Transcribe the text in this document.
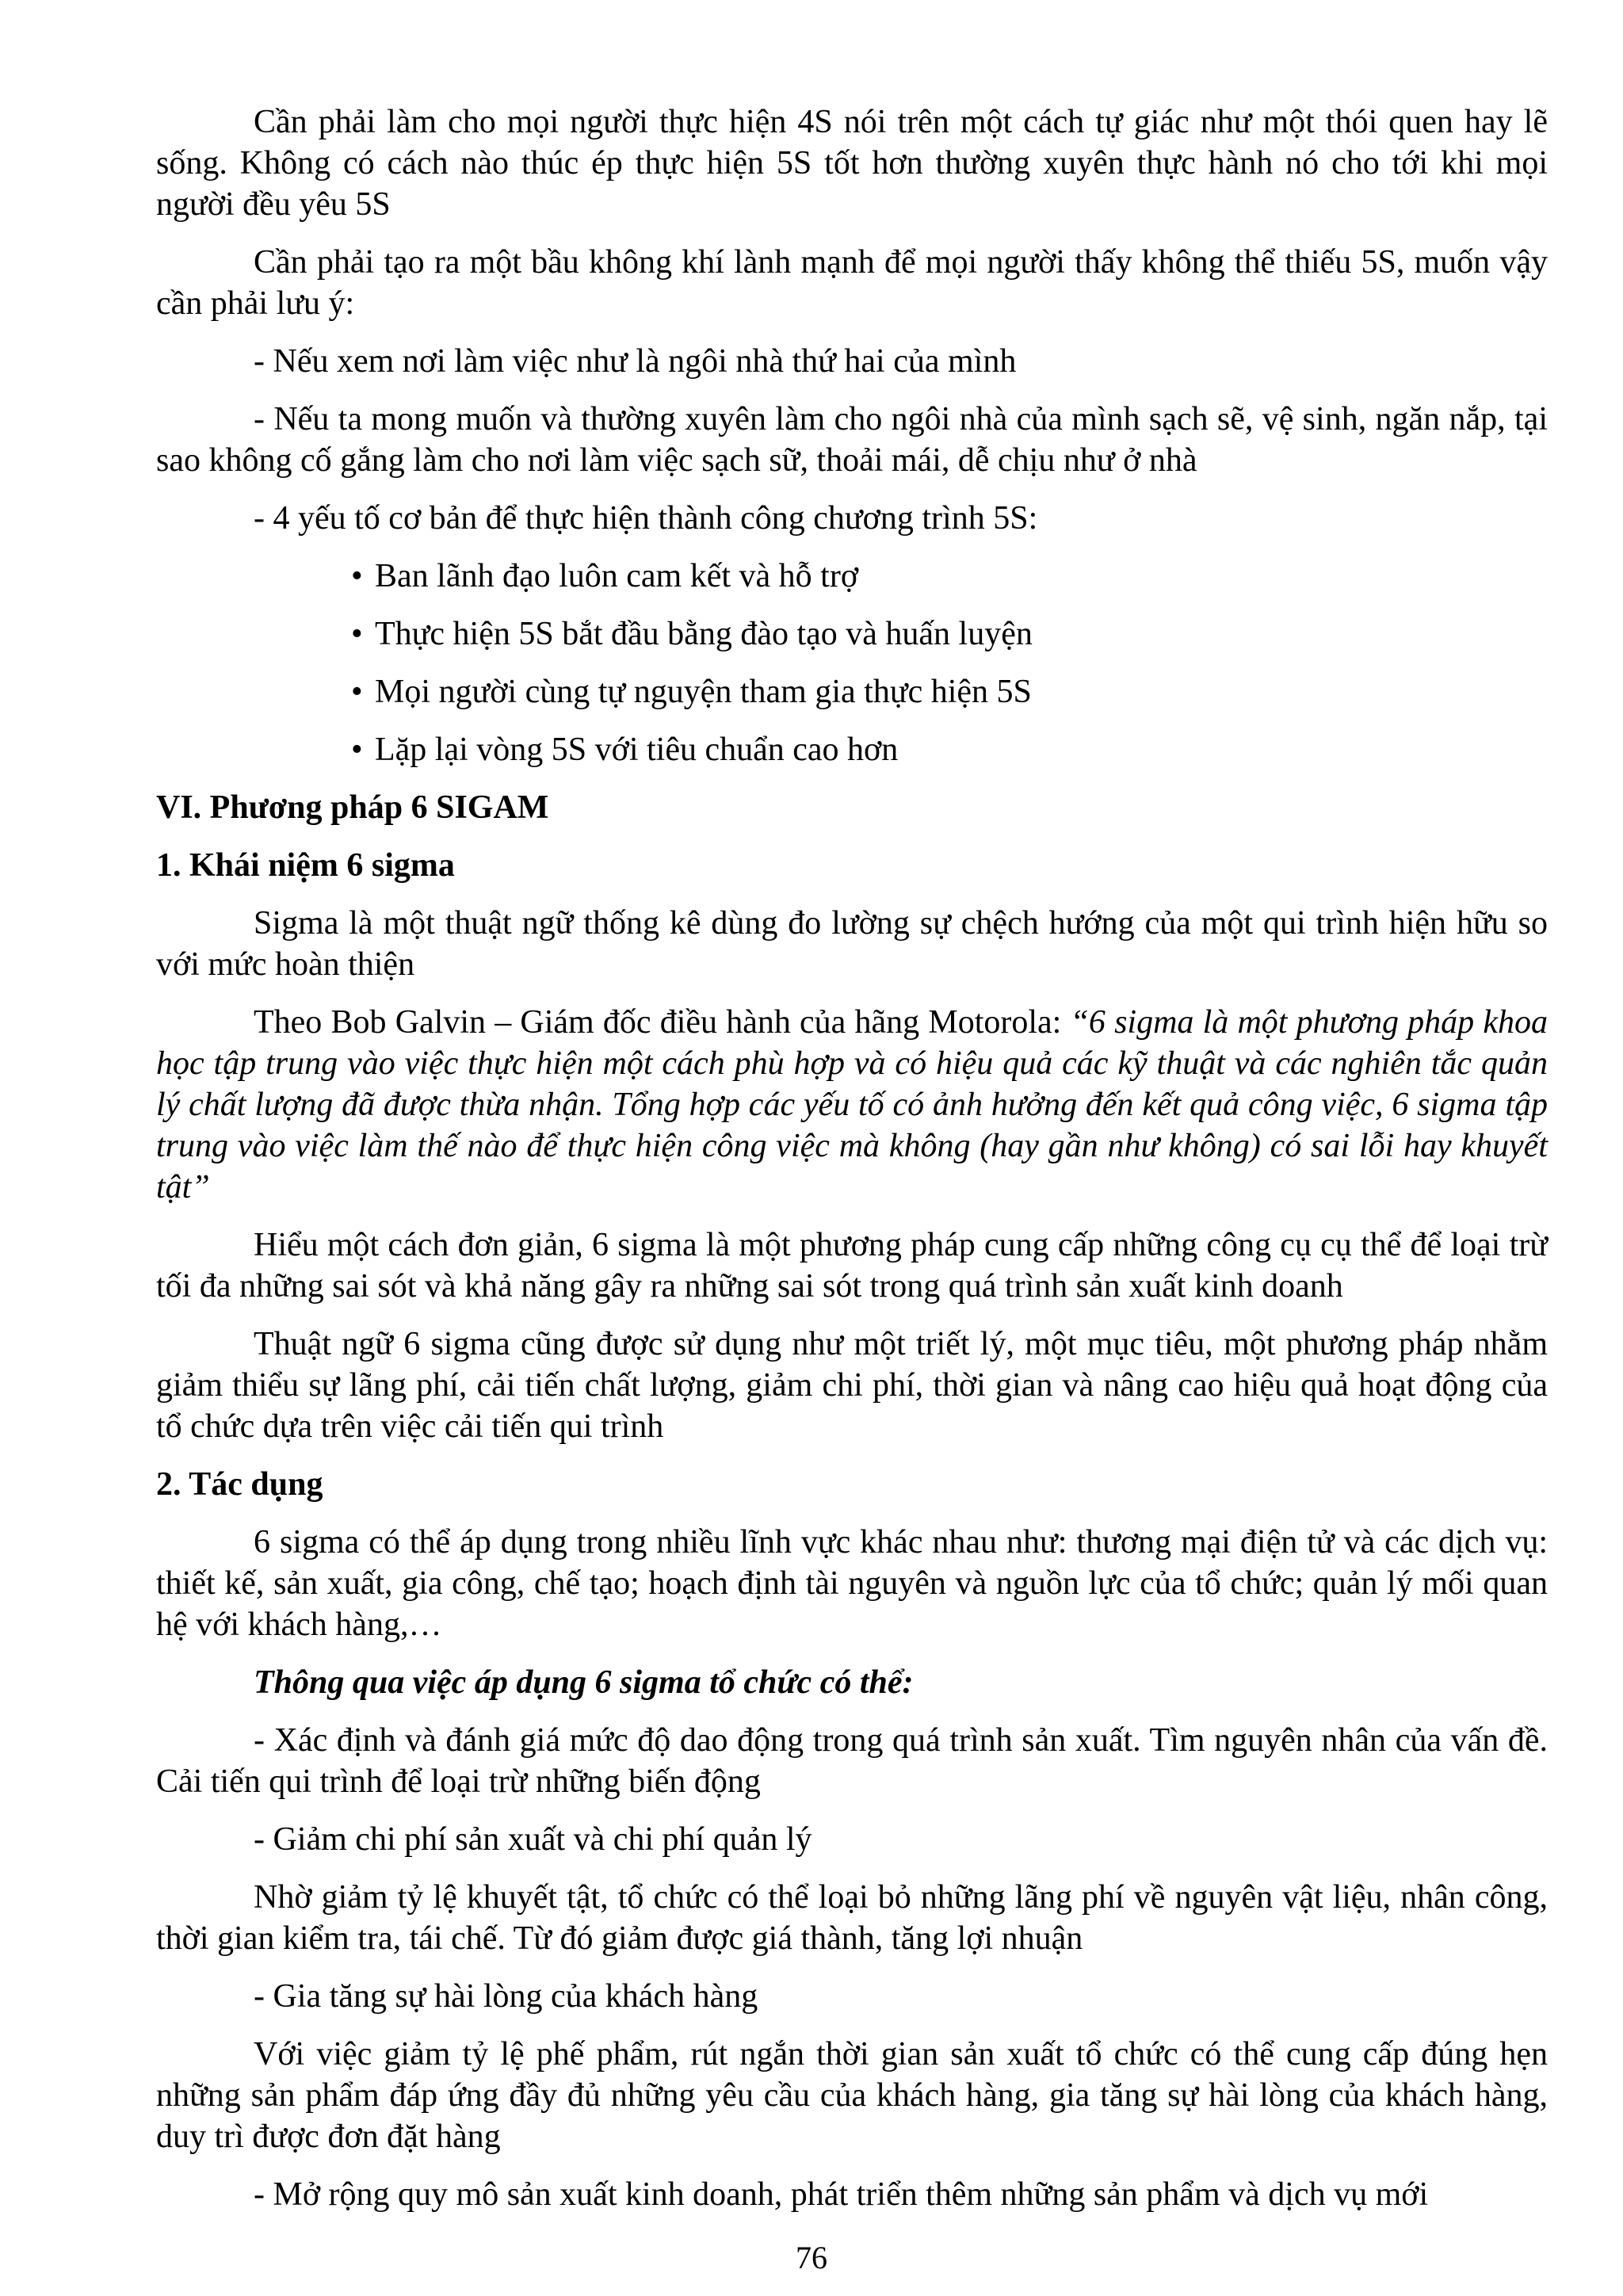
Cần phải làm cho mọi người thực hiện 4S nói trên một cách tự giác như một thói quen hay lẽ sống. Không có cách nào thúc ép thực hiện 5S tốt hơn thường xuyên thực hành nó cho tới khi mọi người đều yêu 5S

Cần phải tạo ra một bầu không khí lành mạnh để mọi người thấy không thể thiếu 5S, muốn vậy cần phải lưu ý:

- Nếu xem nơi làm việc như là ngôi nhà thứ hai của mình

- Nếu ta mong muốn và thường xuyên làm cho ngôi nhà của mình sạch sẽ, vệ sinh, ngăn nắp, tại sao không cố gắng làm cho nơi làm việc sạch sữ, thoải mái, dễ chịu như ở nhà

- 4 yếu tố cơ bản để thực hiện thành công chương trình 5S:

• Ban lãnh đạo luôn cam kết và hỗ trợ

• Thực hiện 5S bắt đầu bằng đào tạo và huấn luyện

• Mọi người cùng tự nguyện tham gia thực hiện 5S

• Lặp lại vòng 5S với tiêu chuẩn cao hơn

VI. Phương pháp 6 SIGAM
1. Khái niệm 6 sigma

Sigma là một thuật ngữ thống kê dùng đo lường sự chệch hướng của một qui trình hiện hữu so với mức hoàn thiện

Theo Bob Galvin – Giám đốc điều hành của hãng Motorola: “6 sigma là một phương pháp khoa học tập trung vào việc thực hiện một cách phù hợp và có hiệu quả các kỹ thuật và các nghiên tắc quản lý chất lượng đã được thừa nhận. Tổng hợp các yếu tố có ảnh hưởng đến kết quả công việc, 6 sigma tập trung vào việc làm thế nào để thực hiện công việc mà không (hay gần như không) có sai lỗi hay khuyết tật”

Hiểu một cách đơn giản, 6 sigma là một phương pháp cung cấp những công cụ cụ thể để loại trừ tối đa những sai sót và khả năng gây ra những sai sót trong quá trình sản xuất kinh doanh

Thuật ngữ 6 sigma cũng được sử dụng như một triết lý, một mục tiêu, một phương pháp nhằm giảm thiểu sự lãng phí, cải tiến chất lượng, giảm chi phí, thời gian và nâng cao hiệu quả hoạt động của tổ chức dựa trên việc cải tiến qui trình

2. Tác dụng

6 sigma có thể áp dụng trong nhiều lĩnh vực khác nhau như: thương mại điện tử và các dịch vụ: thiết kế, sản xuất, gia công, chế tạo; hoạch định tài nguyên và nguồn lực của tổ chức; quản lý mối quan hệ với khách hàng,…

Thông qua việc áp dụng 6 sigma tổ chức có thể:

- Xác định và đánh giá mức độ dao động trong quá trình sản xuất. Tìm nguyên nhân của vấn đề. Cải tiến qui trình để loại trừ những biến động

- Giảm chi phí sản xuất và chi phí quản lý

Nhờ giảm tỷ lệ khuyết tật, tổ chức có thể loại bỏ những lãng phí về nguyên vật liệu, nhân công, thời gian kiểm tra, tái chế. Từ đó giảm được giá thành, tăng lợi nhuận

- Gia tăng sự hài lòng của khách hàng

Với việc giảm tỷ lệ phế phẩm, rút ngắn thời gian sản xuất tổ chức có thể cung cấp đúng hẹn những sản phẩm đáp ứng đầy đủ những yêu cầu của khách hàng, gia tăng sự hài lòng của khách hàng, duy trì được đơn đặt hàng

- Mở rộng quy mô sản xuất kinh doanh, phát triển thêm những sản phẩm và dịch vụ mới

76
